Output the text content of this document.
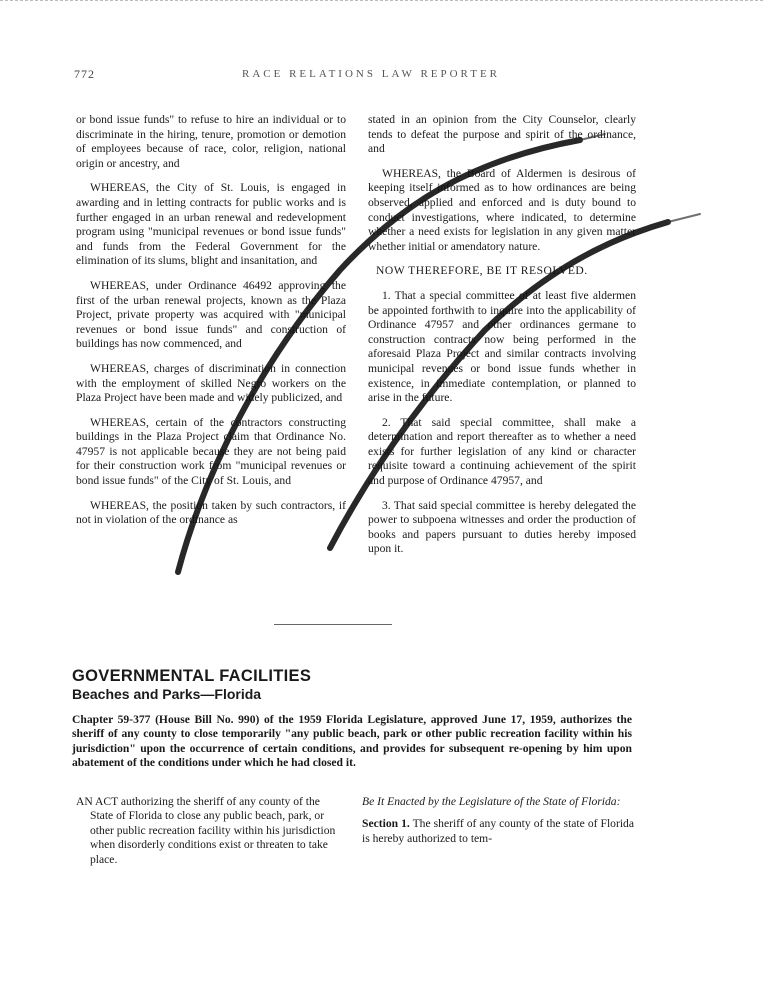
772	RACE RELATIONS LAW REPORTER

or bond issue funds" to refuse to hire an individual or to discriminate in the hiring, tenure, promotion or demotion of employees because of race, color, religion, national origin or ancestry, and

WHEREAS, the City of St. Louis, is engaged in awarding and in letting contracts for public works and is further engaged in an urban renewal and redevelopment program using "municipal revenues or bond issue funds" and funds from the Federal Government for the elimination of its slums, blight and insanitation, and

WHEREAS, under Ordinance 46492 approving the first of the urban renewal projects, known as the Plaza Project, private property was acquired with "municipal revenues or bond issue funds" and construction of buildings has now commenced, and

WHEREAS, charges of discrimination in connection with the employment of skilled Negro workers on the Plaza Project have been made and widely publicized, and

WHEREAS, certain of the contractors constructing buildings in the Plaza Project claim that Ordinance No. 47957 is not applicable because they are not being paid for their construction work from "municipal revenues or bond issue funds" of the City of St. Louis, and

WHEREAS, the position taken by such contractors, if not in violation of the ordinance as

stated in an opinion from the City Counselor, clearly tends to defeat the purpose and spirit of the ordinance, and

WHEREAS, the Board of Aldermen is desirous of keeping itself informed as to how ordinances are being observed, applied and enforced and is duty bound to conduct investigations, where indicated, to determine whether a need exists for legislation in any given matter whether initial or amendatory nature.

NOW THEREFORE, BE IT RESOLVED.

1. That a special committee of at least five aldermen be appointed forthwith to inquire into the applicability of Ordinance 47957 and other ordinances germane to construction contracts now being performed in the aforesaid Plaza Project and similar contracts involving municipal revenues or bond issue funds whether in existence, in immediate contemplation, or planned to arise in the future.

2. That said special committee, shall make a determination and report thereafter as to whether a need exists for further legislation of any kind or character requisite toward a continuing achievement of the spirit and purpose of Ordinance 47957, and

3. That said special committee is hereby delegated the power to subpoena witnesses and order the production of books and papers pursuant to duties hereby imposed upon it.

GOVERNMENTAL FACILITIES
Beaches and Parks—Florida
Chapter 59-377 (House Bill No. 990) of the 1959 Florida Legislature, approved June 17, 1959, authorizes the sheriff of any county to close temporarily "any public beach, park or other public recreation facility within his jurisdiction" upon the occurrence of certain conditions, and provides for subsequent re-opening by him upon abatement of the conditions under which he had closed it.

AN ACT authorizing the sheriff of any county of the State of Florida to close any public beach, park, or other public recreation facility within his jurisdiction when disorderly conditions exist or threaten to take place.

Be It Enacted by the Legislature of the State of Florida:

Section 1. The sheriff of any county of the state of Florida is hereby authorized to tem-
